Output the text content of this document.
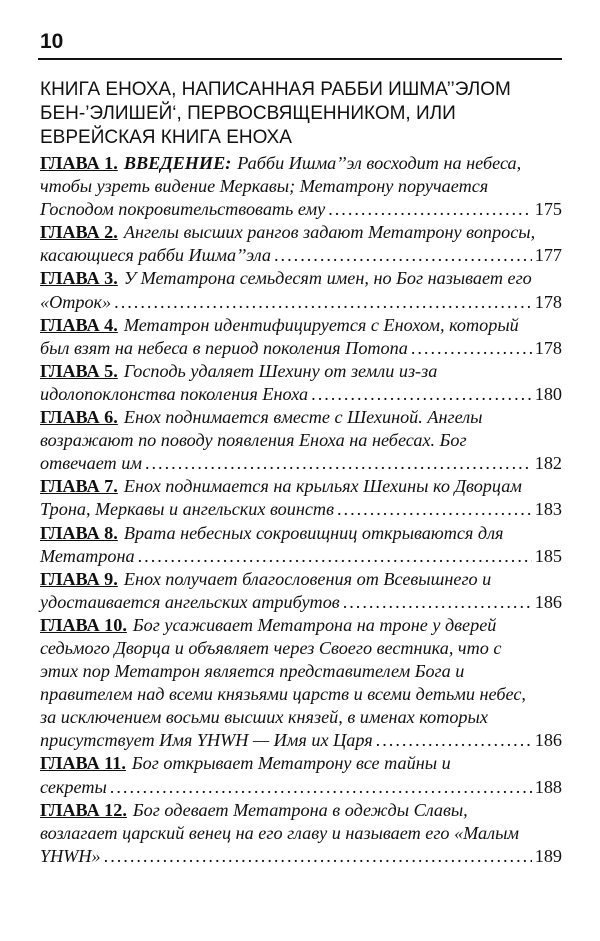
10
КНИГА ЕНОХА, НАПИСАННАЯ РАББИ ИШМА’’ЭЛОМ
БЕН-’ЭЛИШЕЙ‘, ПЕРВОСВЯЩЕННИКОМ, ИЛИ
ЕВРЕЙСКАЯ КНИГА ЕНОХА
ГЛАВА 1. ВВЕДЕНИЕ: Рабби Ишма’’эл восходит на небеса,
чтобы узреть видение Меркавы; Метатрону поручается
Господом покровительствовать ему .....	175
ГЛАВА 2. Ангелы высших рангов задают Метатрону вопросы,
касающиеся рабби Ишма’’эла .....	177
ГЛАВА 3. У Метатрона семьдесят имен, но Бог называет его
«Отрок» .....	178
ГЛАВА 4. Метатрон идентифицируется с Енохом, который
был взят на небеса в период поколения Потопа .....	178
ГЛАВА 5. Господь удаляет Шехину от земли из-за
идолопоклонства поколения Еноха .....	180
ГЛАВА 6. Енох поднимается вместе с Шехиной. Ангелы
возражают по поводу появления Еноха на небесах. Бог
отвечает им .....	182
ГЛАВА 7. Енох поднимается на крыльях Шехины ко Дворцам
Трона, Меркавы и ангельских воинств .....	183
ГЛАВА 8. Врата небесных сокровищниц открываются для
Метатрона .....	185
ГЛАВА 9. Енох получает благословения от Всевышнего и
удостаивается ангельских атрибутов .....	186
ГЛАВА 10. Бог усаживает Метатрона на троне у дверей
седьмого Дворца и объявляет через Своего вестника, что с
этих пор Метатрон является представителем Бога и
правителем над всеми князьями царств и всеми детьми небес,
за исключением восьми высших князей, в именах которых
присутствует Имя YHWH — Имя их Царя .....	186
ГЛАВА 11. Бог открывает Метатрону все тайны и
секреты .....	188
ГЛАВА 12. Бог одевает Метатрона в одежды Славы,
возлагает царский венец на его главу и называет его «Малым
YHWH» .....	189
